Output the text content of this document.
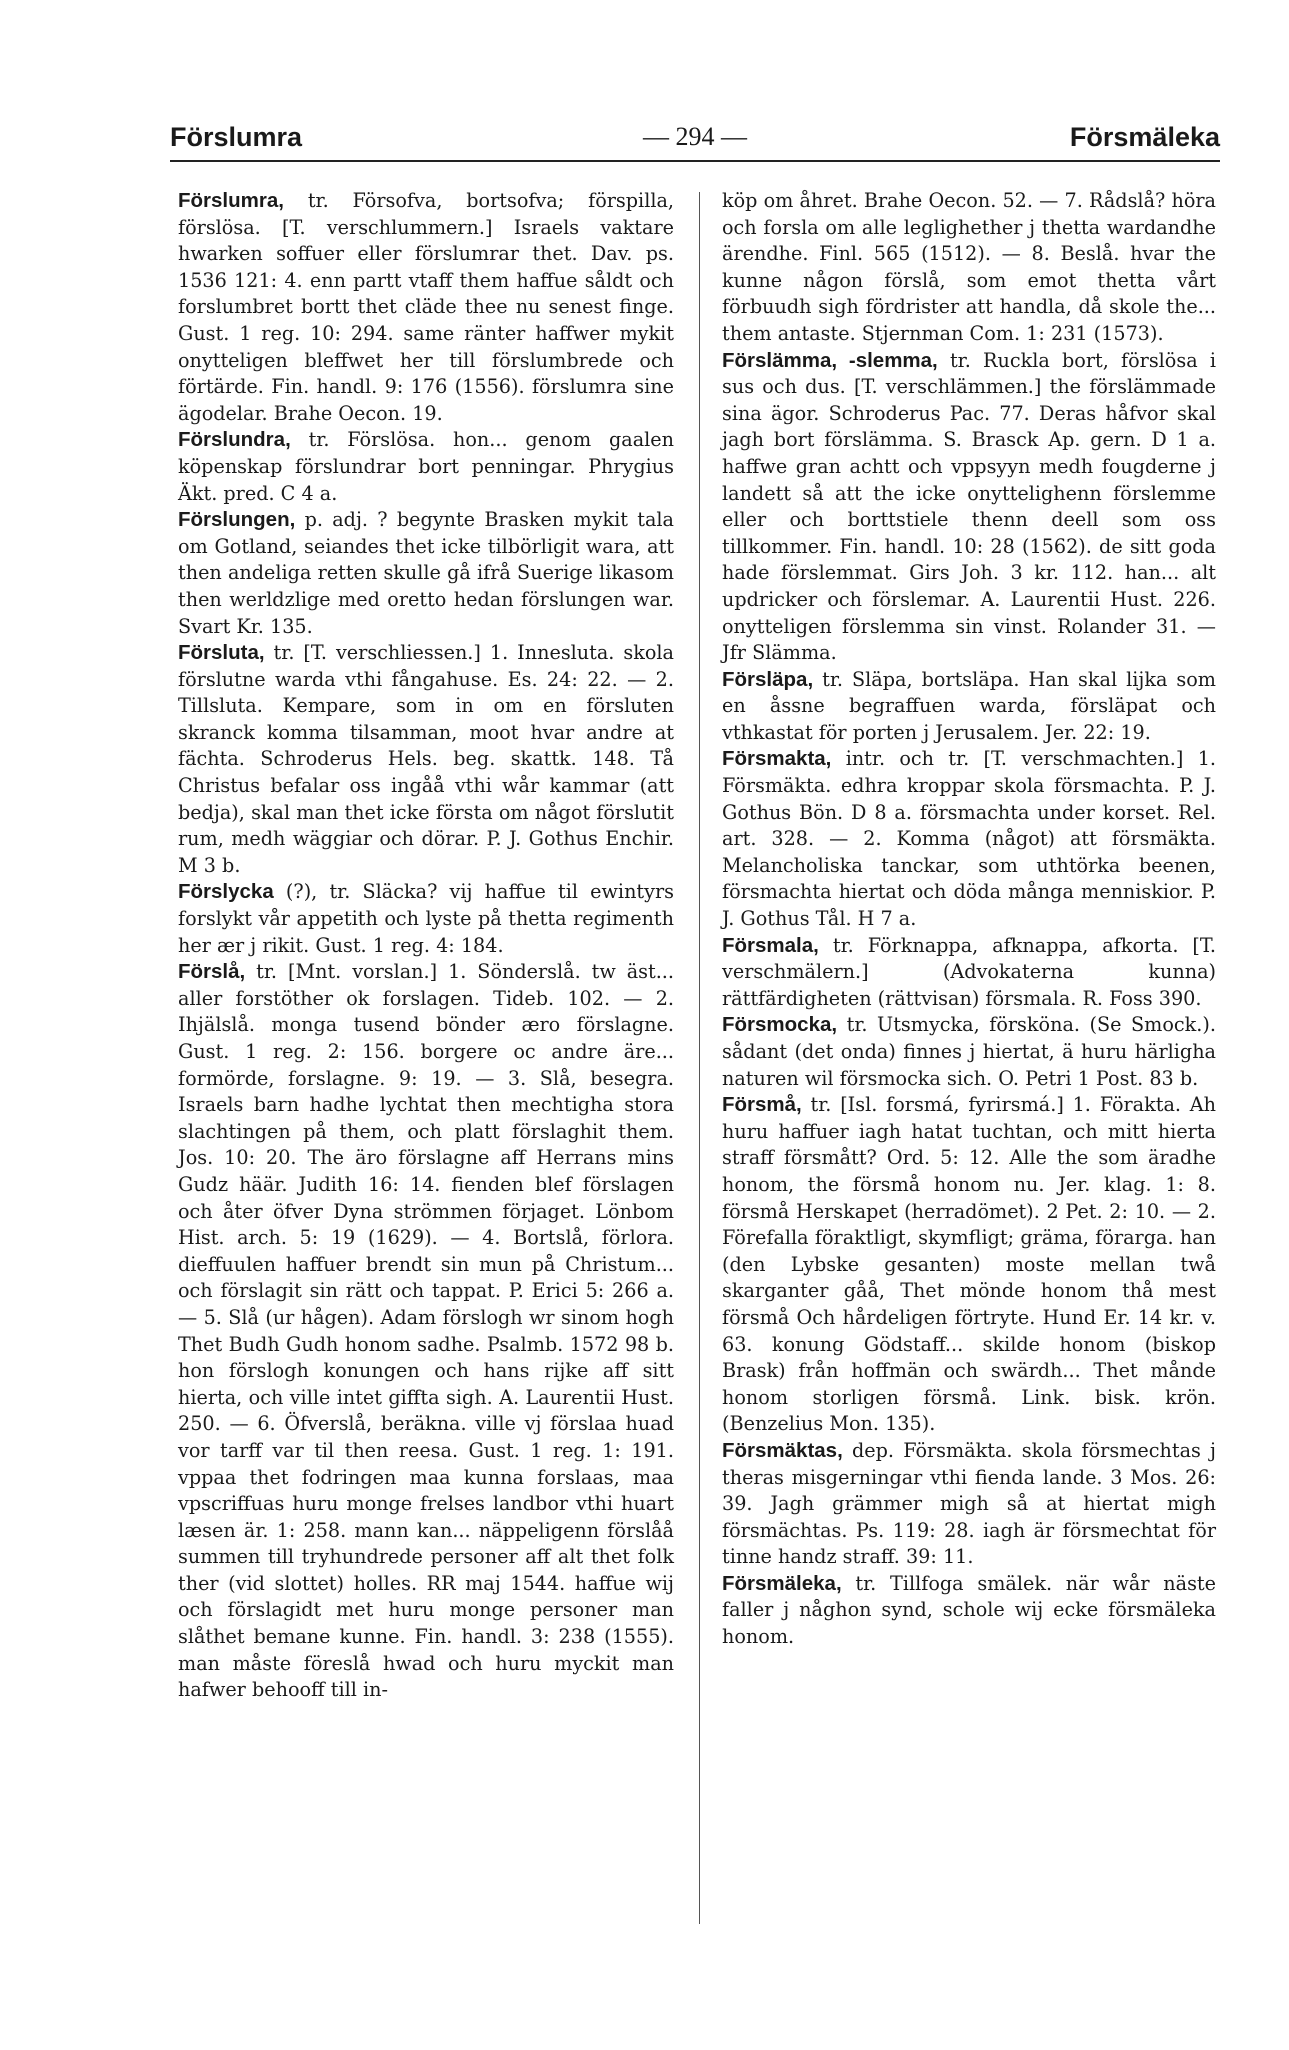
Förslumra	— 294 —	Försmäleka

Förslumra, tr. Försofva, bortsofva; förspilla, förslösa. [T. verschlummern.] Israels vaktare hwarken soffuer eller förslumrar thet. Dav. ps. 1536 121: 4. enn partt vtaff them haffue såldt och forslumbret bortt thet cläde thee nu senest finge. Gust. 1 reg. 10: 294. same ränter haffwer mykit onytteligen bleffwet her till förslumbrede och förtärde. Fin. handl. 9: 176 (1556). förslumra sine ägodelar. Brahe Oecon. 19.

Förslundra, tr. Förslösa. hon... genom gaalen köpenskap förslundrar bort penningar. Phrygius Äkt. pred. C 4 a.

Förslungen, p. adj. ? begynte Brasken mykit tala om Gotland, seiandes thet icke tilbörligit wara, att then andeliga retten skulle gå ifrå Suerige likasom then werldzlige med oretto hedan förslungen war. Svart Kr. 135.

Försluta, tr. [T. verschliessen.] 1. Innesluta. skola förslutne warda vthi fångahuse. Es. 24: 22. — 2. Tillsluta. Kempare, som in om en försluten skranck komma tilsamman, moot hvar andre at fächta. Schroderus Hels. beg. skattk. 148. Tå Christus befalar oss ingåå vthi wår kammar (att bedja), skal man thet icke första om något förslutit rum, medh wäggiar och dörar. P. J. Gothus Enchir. M 3 b.

Förslycka (?), tr. Släcka? vij haffue til ewintyrs forslykt vår appetith och lyste på thetta regimenth her ær j rikit. Gust. 1 reg. 4: 184.

Förslå, tr. [Mnt. vorslan.] 1. Sönderslå. tw äst... aller forstöther ok forslagen. Tideb. 102. — 2. Ihjälslå. monga tusend bönder æro förslagne. Gust. 1 reg. 2: 156. borgere oc andre äre... formörde, forslagne. 9: 19. — 3. Slå, besegra. Israels barn hadhe lychtat then mechtigha stora slachtingen på them, och platt förslaghit them. Jos. 10: 20. The äro förslagne aff Herrans mins Gudz häär. Judith 16: 14. fienden blef förslagen och åter öfver Dyna strömmen förjaget. Lönbom Hist. arch. 5: 19 (1629). — 4. Bortslå, förlora. dieffuulen haffuer brendt sin mun på Christum... och förslagit sin rätt och tappat. P. Erici 5: 266 a. — 5. Slå (ur hågen). Adam förslogh wr sinom hogh Thet Budh Gudh honom sadhe. Psalmb. 1572 98 b. hon förslogh konungen och hans rijke aff sitt hierta, och ville intet giffta sigh. A. Laurentii Hust. 250. — 6. Öfverslå, beräkna. ville vj förslaa huad vor tarff var til then reesa. Gust. 1 reg. 1: 191. vppaa thet fodringen maa kunna forslaas, maa vpscriffuas huru monge frelses landbor vthi huart læsen är. 1: 258. mann kan... näppeligenn förslåå summen till tryhundrede personer aff alt thet folk ther (vid slottet) holles. RR maj 1544. haffue wij och förslagidt met huru monge personer man slåthet bemane kunne. Fin. handl. 3: 238 (1555). man måste föreslå hwad och huru myckit man hafwer behooff till in-

köp om åhret. Brahe Oecon. 52. — 7. Rådslå? höra och forsla om alle leglighether j thetta wardandhe ärendhe. Finl. 565 (1512). — 8. Beslå. hvar the kunne någon förslå, som emot thetta vårt förbuudh sigh fördrister att handla, då skole the... them antaste. Stjernman Com. 1: 231 (1573).

Förslämma, -slemma, tr. Ruckla bort, förslösa i sus och dus. [T. verschlämmen.] the förslämmade sina ägor. Schroderus Pac. 77. Deras håfvor skal jagh bort förslämma. S. Brasck Ap. gern. D 1 a. haffwe gran achtt och vppsyyn medh fougderne j landett så att the icke onyttelighenn förslemme eller och borttstiele thenn deell som oss tillkommer. Fin. handl. 10: 28 (1562). de sitt goda hade förslemmat. Girs Joh. 3 kr. 112. han... alt updricker och förslemar. A. Laurentii Hust. 226. onytteligen förslemma sin vinst. Rolander 31. — Jfr Slämma.

Försläpa, tr. Släpa, bortsläpa. Han skal lijka som en åssne begraffuen warda, försläpat och vthkastat för porten j Jerusalem. Jer. 22: 19.

Försmakta, intr. och tr. [T. verschmachten.] 1. Försmäkta. edhra kroppar skola försmachta. P. J. Gothus Bön. D 8 a. försmachta under korset. Rel. art. 328. — 2. Komma (något) att försmäkta. Melancholiska tanckar, som uthtörka beenen, försmachta hiertat och döda många menniskior. P. J. Gothus Tål. H 7 a.

Försmala, tr. Förknappa, afknappa, afkorta. [T. verschmälern.] (Advokaterna kunna) rättfärdigheten (rättvisan) försmala. R. Foss 390.

Försmocka, tr. Utsmycka, försköna. (Se Smock.). sådant (det onda) finnes j hiertat, ä huru härligha naturen wil försmocka sich. O. Petri 1 Post. 83 b.

Försmå, tr. [Isl. forsmá, fyrirsmá.] 1. Förakta. Ah huru haffuer iagh hatat tuchtan, och mitt hierta straff försmått? Ord. 5: 12. Alle the som äradhe honom, the försmå honom nu. Jer. klag. 1: 8. försmå Herskapet (herradömet). 2 Pet. 2: 10. — 2. Förefalla föraktligt, skymfligt; gräma, förarga. han (den Lybske gesanten) moste mellan twå skarganter gåå, Thet mönde honom thå mest försmå Och hårdeligen förtryte. Hund Er. 14 kr. v. 63. konung Gödstaff... skilde honom (biskop Brask) från hoffmän och swärdh... Thet månde honom storligen försmå. Link. bisk. krön. (Benzelius Mon. 135).

Försmäktas, dep. Försmäkta. skola försmechtas j theras misgerningar vthi fienda lande. 3 Mos. 26: 39. Jagh grämmer migh så at hiertat migh försmächtas. Ps. 119: 28. iagh är försmechtat för tinne handz straff. 39: 11.

Försmäleka, tr. Tillfoga smälek. när wår näste faller j någhon synd, schole wij ecke försmäleka honom.
